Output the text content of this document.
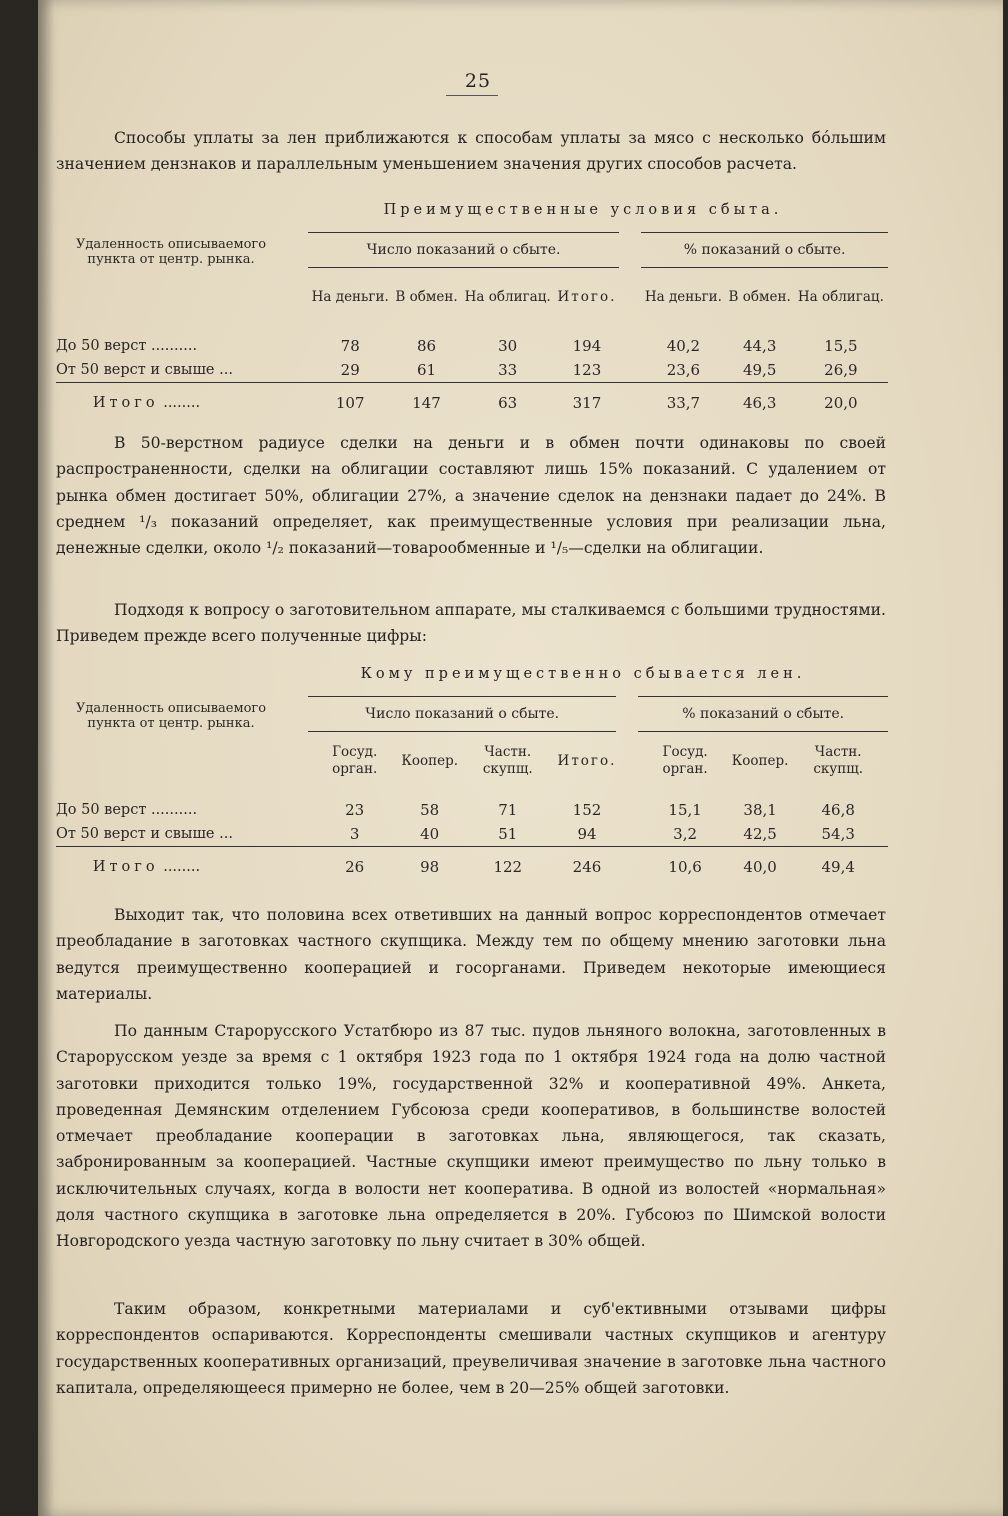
25

Способы уплаты за лен приближаются к способам уплаты за мясо с несколько бо́льшим значением дензнаков и параллельным уменьшением значения других способов расчета.

Преимущественные условия сбыта.
Удаленность описываемого пункта от центр. рынка.		Число показаний о сбыте.					% показаний о сбыте.		
		На деньги.	В обмен.	На облигац.	Итого.		На деньги.	В обмен.	На облигац.

До 50 верст ..........		78	86	30	194		40,2	44,3	15,5
От 50 верст и свыше ...		29	61	33	123		23,6	49,5	26,9
Итого ........		107	147	63	317		33,7	46,3	20,0

В 50-верстном радиусе сделки на деньги и в обмен почти одинаковы по своей распространенности, сделки на облигации составляют лишь 15% показаний. С удалением от рынка обмен достигает 50%, облигации 27%, а значение сделок на дензнаки падает до 24%. В среднем ¹/₃ показаний определяет, как преимущественные условия при реализации льна, денежные сделки, около ¹/₂ показаний—товарообменные и ¹/₅—сделки на облигации.

Подходя к вопросу о заготовительном аппарате, мы сталкиваемся с большими трудностями. Приведем прежде всего полученные цифры:

Кому преимущественно сбывается лен.
Удаленность описываемого пункта от центр. рынка.		Число показаний о сбыте.					% показаний о сбыте.		
		Госуд. орган.	Коопер.	Частн. скупщ.	Итого.		Госуд. орган.	Коопер.	Частн. скупщ.

До 50 верст ..........		23	58	71	152		15,1	38,1	46,8
От 50 верст и свыше ...		3	40	51	94		3,2	42,5	54,3
Итого ........		26	98	122	246		10,6	40,0	49,4

Выходит так, что половина всех ответивших на данный вопрос корреспондентов отмечает преобладание в заготовках частного скупщика. Между тем по общему мнению заготовки льна ведутся преимущественно кооперацией и госорганами. Приведем некоторые имеющиеся материалы.

По данным Старорусского Устатбюро из 87 тыс. пудов льняного волокна, заготовленных в Старорусском уезде за время с 1 октября 1923 года по 1 октября 1924 года на долю частной заготовки приходится только 19%, государственной 32% и кооперативной 49%. Анкета, проведенная Демянским отделением Губсоюза среди кооперативов, в большинстве волостей отмечает преобладание кооперации в заготовках льна, являющегося, так сказать, забронированным за кооперацией. Частные скупщики имеют преимущество по льну только в исключительных случаях, когда в волости нет кооператива. В одной из волостей «нормальная» доля частного скупщика в заготовке льна определяется в 20%. Губсоюз по Шимской волости Новгородского уезда частную заготовку по льну считает в 30% общей.

Таким образом, конкретными материалами и суб'ективными отзывами цифры корреспондентов оспариваются. Корреспонденты смешивали частных скупщиков и агентуру государственных кооперативных организаций, преувеличивая значение в заготовке льна частного капитала, определяющееся примерно не более, чем в 20—25% общей заготовки.
